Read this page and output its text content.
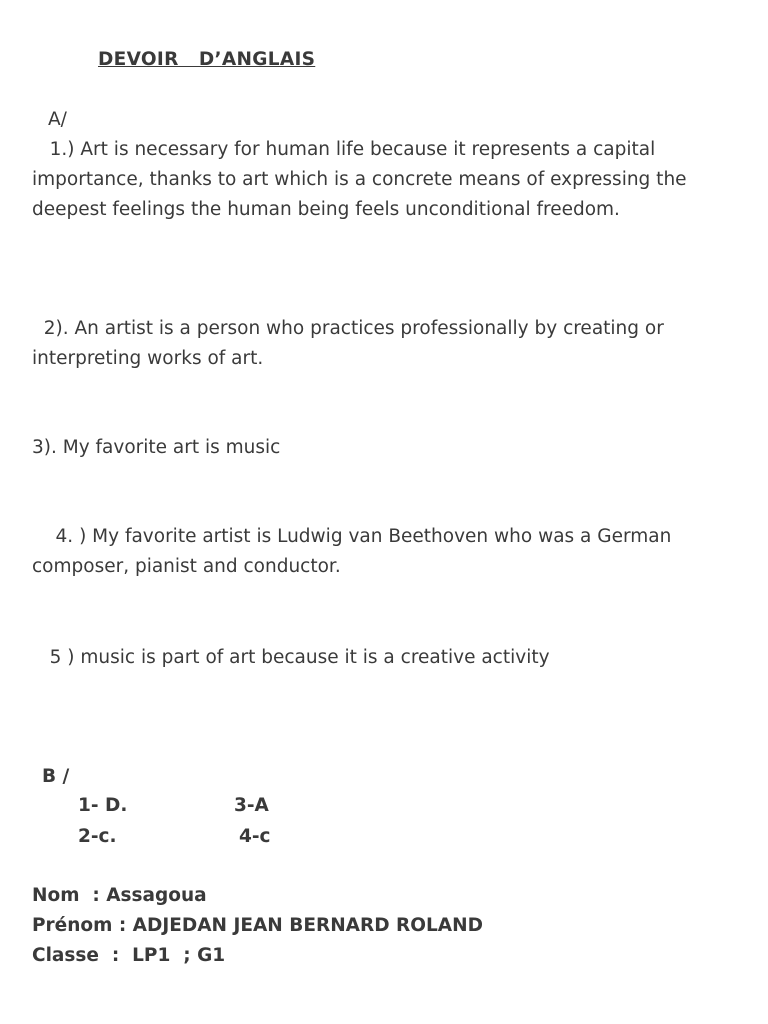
DEVOIR   D’ANGLAIS
A/

1.) Art is necessary for human life because it represents a capital importance, thanks to art which is a concrete means of expressing the deepest feelings the human being feels unconditional freedom.

2). An artist is a person who practices professionally by creating or interpreting works of art.

3). My favorite art is music

4. ) My favorite artist is Ludwig van Beethoven who was a German composer, pianist and conductor.

5 ) music is part of art because it is a creative activity
B /
1- D.	3-A
2-c.	4-c
Nom  : Assagoua
Prénom : ADJEDAN JEAN BERNARD ROLAND
Classe  :  LP1  ; G1
